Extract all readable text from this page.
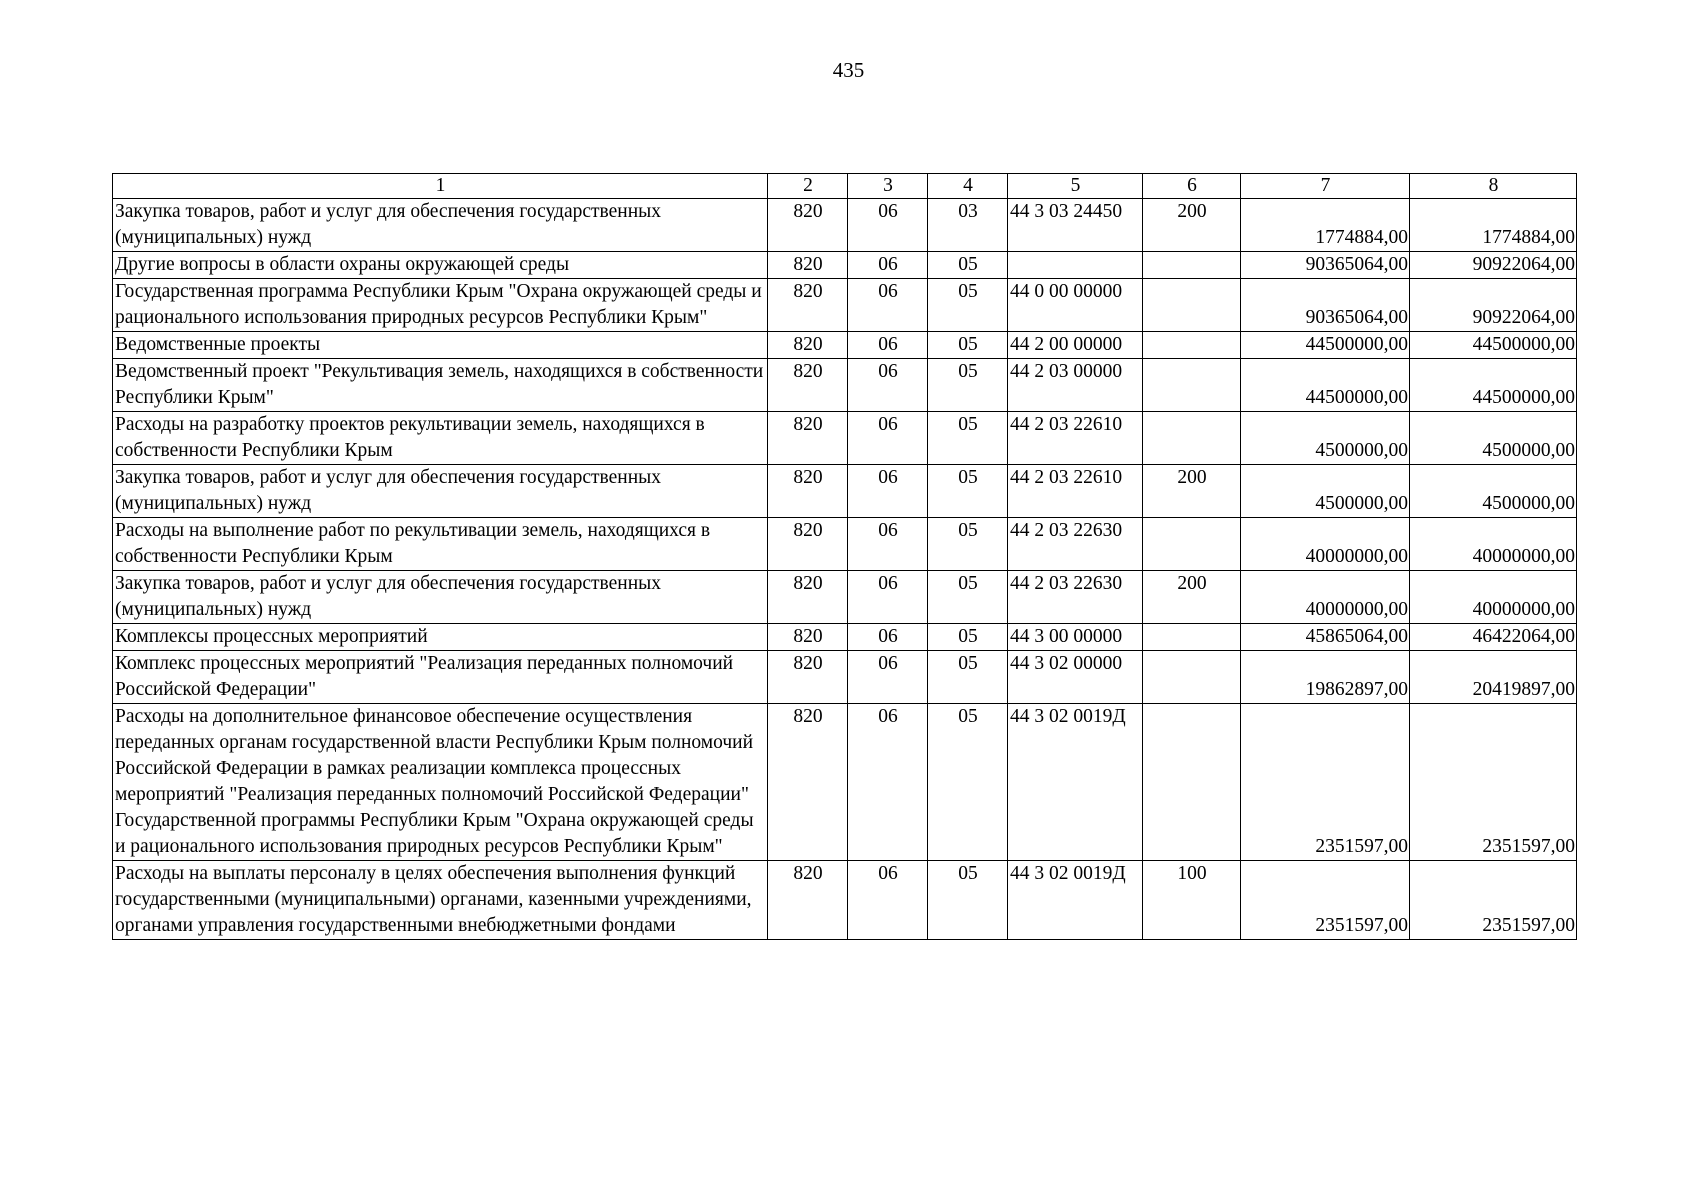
435
1	2	3	4	5	6	7	8
Закупка товаров, работ и услуг для обеспечения государственных (муниципальных) нужд	820	06	03	44 3 03 24450	200	1774884,00	1774884,00
Другие вопросы в области охраны окружающей среды	820	06	05			90365064,00	90922064,00
Государственная программа Республики Крым "Охрана окружающей среды и рационального использования природных ресурсов Республики Крым"	820	06	05	44 0 00 00000		90365064,00	90922064,00
Ведомственные проекты	820	06	05	44 2 00 00000		44500000,00	44500000,00
Ведомственный проект "Рекультивация земель, находящихся в собственности Республики Крым"	820	06	05	44 2 03 00000		44500000,00	44500000,00
Расходы на разработку проектов рекультивации земель, находящихся в собственности Республики Крым	820	06	05	44 2 03 22610		4500000,00	4500000,00
Закупка товаров, работ и услуг для обеспечения государственных (муниципальных) нужд	820	06	05	44 2 03 22610	200	4500000,00	4500000,00
Расходы на выполнение работ по рекультивации земель, находящихся в собственности Республики Крым	820	06	05	44 2 03 22630		40000000,00	40000000,00
Закупка товаров, работ и услуг для обеспечения государственных (муниципальных) нужд	820	06	05	44 2 03 22630	200	40000000,00	40000000,00
Комплексы процессных мероприятий	820	06	05	44 3 00 00000		45865064,00	46422064,00
Комплекс процессных мероприятий "Реализация переданных полномочий Российской Федерации"	820	06	05	44 3 02 00000		19862897,00	20419897,00
Расходы на дополнительное финансовое обеспечение осуществления переданных органам государственной власти Республики Крым полномочий Российской Федерации в рамках реализации комплекса процессных мероприятий "Реализация переданных полномочий Российской Федерации" Государственной программы Республики Крым "Охрана окружающей среды и рационального использования природных ресурсов Республики Крым"	820	06	05	44 3 02 0019Д		2351597,00	2351597,00
Расходы на выплаты персоналу в целях обеспечения выполнения функций государственными (муниципальными) органами, казенными учреждениями, органами управления государственными внебюджетными фондами	820	06	05	44 3 02 0019Д	100	2351597,00	2351597,00
